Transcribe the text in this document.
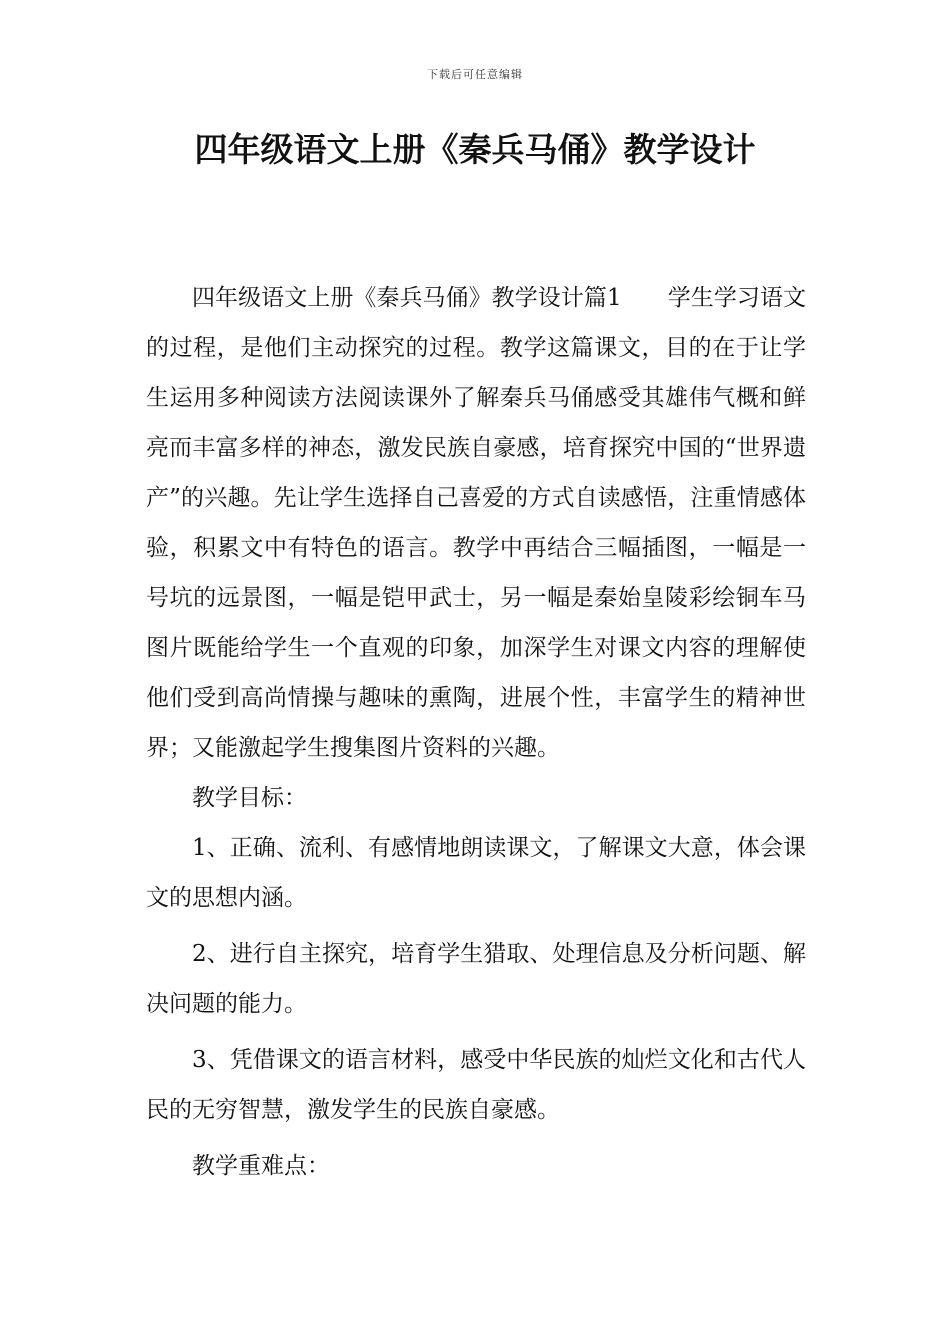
下载后可任意编辑
四年级语文上册《秦兵马俑》教学设计

四年级语文上册《秦兵马俑》教学设计篇1　　学生学习语文的过程，是他们主动探究的过程。教学这篇课文，目的在于让学生运用多种阅读方法阅读课外了解秦兵马俑感受其雄伟气概和鲜亮而丰富多样的神态，激发民族自豪感，培育探究中国的“世界遗产”的兴趣。先让学生选择自己喜爱的方式自读感悟，注重情感体验，积累文中有特色的语言。教学中再结合三幅插图，一幅是一号坑的远景图，一幅是铠甲武士，另一幅是秦始皇陵彩绘铜车马图片既能给学生一个直观的印象，加深学生对课文内容的理解使他们受到高尚情操与趣味的熏陶，进展个性，丰富学生的精神世界；又能激起学生搜集图片资料的兴趣。

教学目标：

1、正确、流利、有感情地朗读课文，了解课文大意，体会课文的思想内涵。

2、进行自主探究，培育学生猎取、处理信息及分析问题、解决问题的能力。

3、凭借课文的语言材料，感受中华民族的灿烂文化和古代人民的无穷智慧，激发学生的民族自豪感。

教学重难点：
